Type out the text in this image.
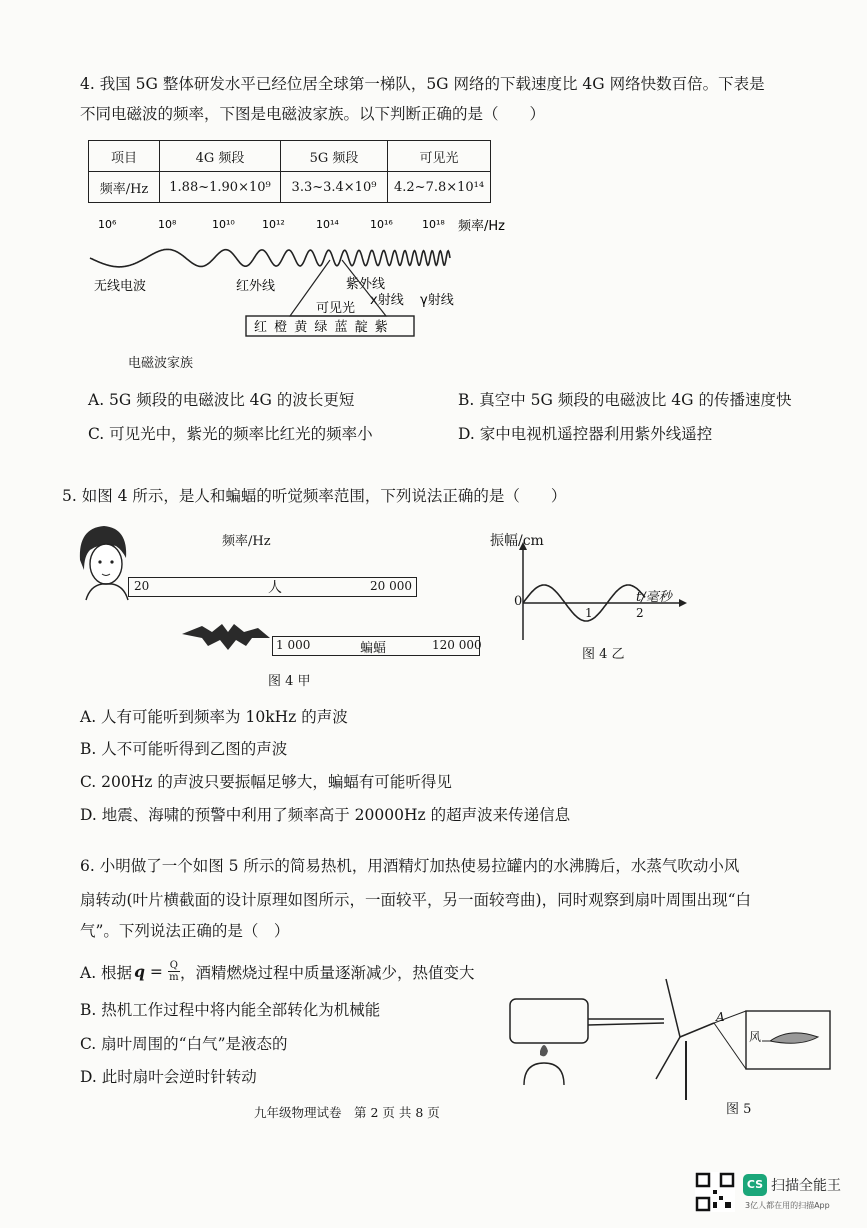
4. 我国 5G 整体研发水平已经位居全球第一梯队，5G 网络的下载速度比 4G 网络快数百倍。下表是
不同电磁波的频率，下图是电磁波家族。以下判断正确的是（　　）
项目	4G 频段	5G 频段	可见光
频率/Hz	1.88~1.90×10⁹	3.3~3.4×10⁹	4.2~7.8×10¹⁴
10⁶	10⁸	10¹⁰ 10¹²	10¹⁴	10¹⁶	10¹⁸ 频率/Hz
无线电波	红外线	紫外线
x射线 γ射线
可见光
红 橙 黄 绿 蓝 靛 紫
电磁波家族
A. 5G 频段的电磁波比 4G 的波长更短	B. 真空中 5G 频段的电磁波比 4G 的传播速度快
C. 可见光中，紫光的频率比红光的频率小	D. 家中电视机遥控器利用紫外线遥控
5. 如图 4 所示，是人和蝙蝠的听觉频率范围，下列说法正确的是（　　）
频率/Hz
20	人	20 000
1 000	蝙蝠	120 000
图 4 甲
振幅/cm
0
1	2
t/毫秒
图 4 乙
A. 人有可能听到频率为 10kHz 的声波
B. 人不可能听得到乙图的声波
C. 200Hz 的声波只要振幅足够大，蝙蝠有可能听得见
D. 地震、海啸的预警中利用了频率高于 20000Hz 的超声波来传递信息
6. 小明做了一个如图 5 所示的简易热机，用酒精灯加热使易拉罐内的水沸腾后，水蒸气吹动小风
扇转动(叶片横截面的设计原理如图所示，一面较平，另一面较弯曲)，同时观察到扇叶周围出现“白
气”。下列说法正确的是（　）
A. 根据 $q = \frac{Q}{m}$ ，酒精燃烧过程中质量逐渐减少，热值变大
B. 热机工作过程中将内能全部转化为机械能
C. 扇叶周围的“白气”是液态的
D. 此时扇叶会逆时针转动
A
风
图 5
九年级物理试卷　第 2 页 共 8 页
CS 扫描全能王
3亿人都在用的扫描App
